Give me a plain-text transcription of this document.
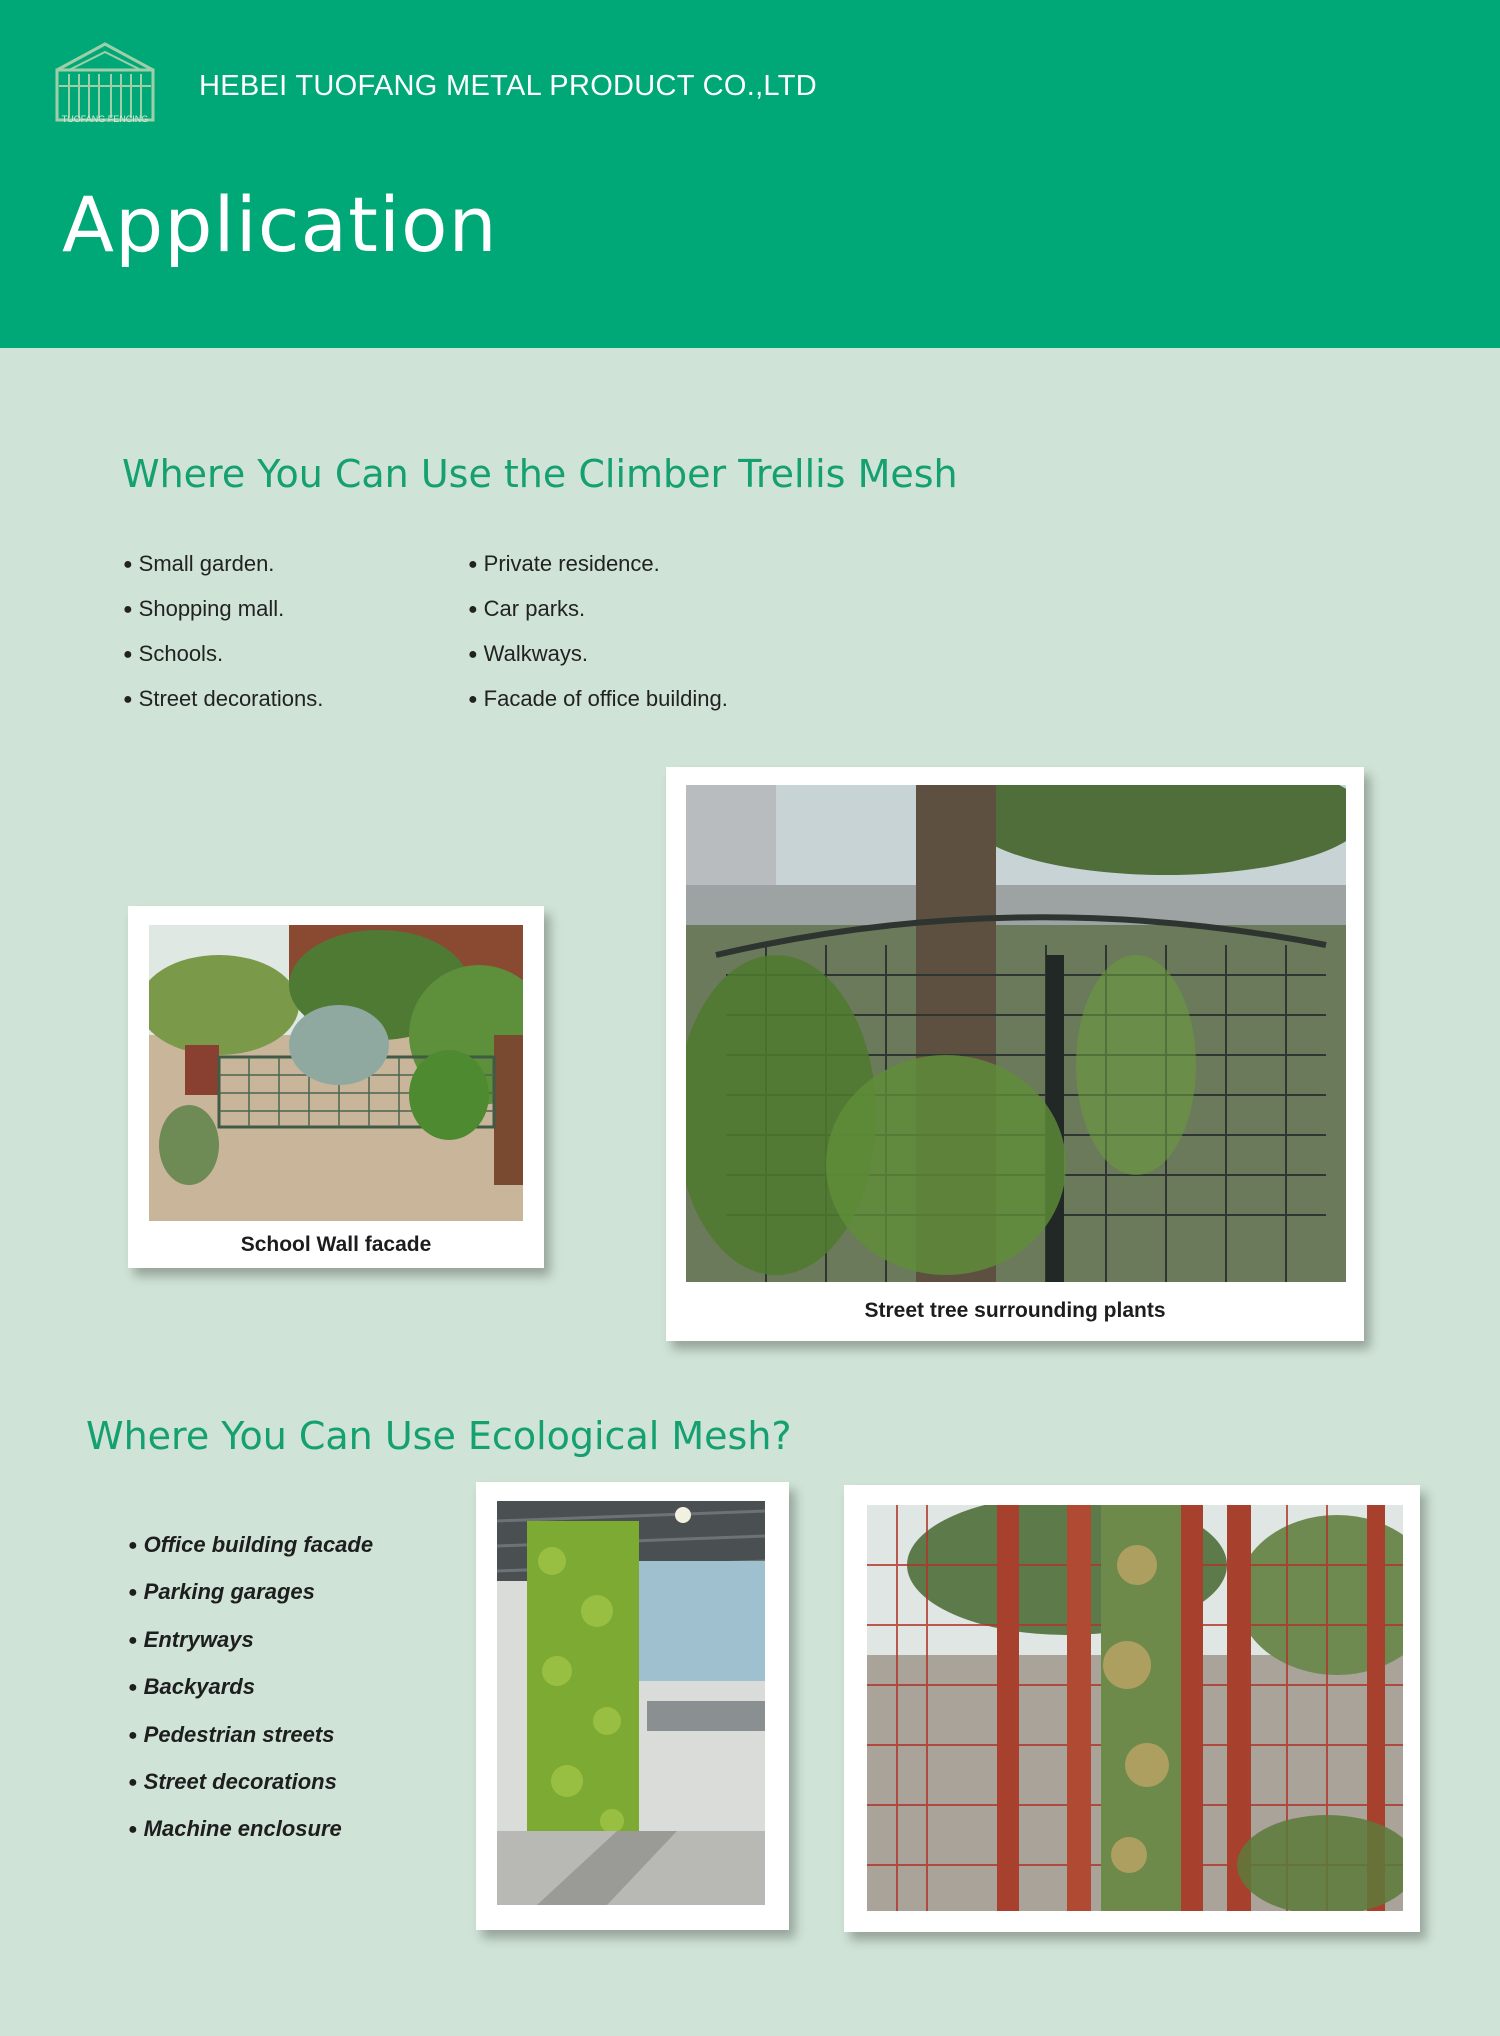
TUOFANG FENCING
HEBEI TUOFANG METAL PRODUCT CO.,LTD
Application
Where You Can Use the Climber Trellis Mesh
● Small garden.
● Shopping mall.
● Schools.
● Street decorations.
● Private residence.
● Car parks.
● Walkways.
● Facade of office building.
School Wall facade
Street tree surrounding plants
Where You Can Use Ecological Mesh?
● Office building facade
● Parking garages
● Entryways
● Backyards
● Pedestrian streets
● Street decorations
● Machine enclosure
